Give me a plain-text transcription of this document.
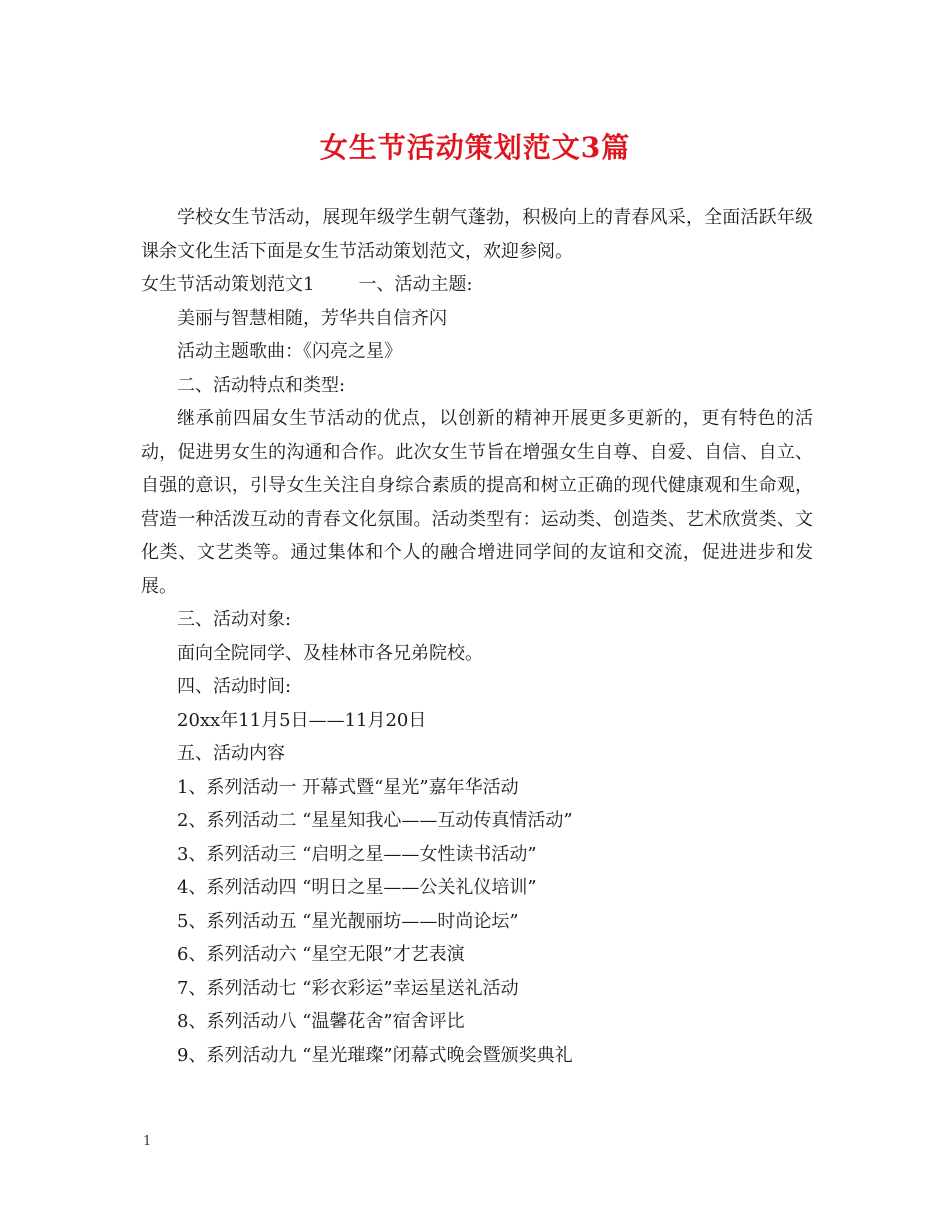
女生节活动策划范文3篇

学校女生节活动，展现年级学生朝气蓬勃，积极向上的青春风采，全面活跃年级课余文化生活下面是女生节活动策划范文，欢迎参阅。

女生节活动策划范文1 一、活动主题:

美丽与智慧相随，芳华共自信齐闪

活动主题歌曲：《闪亮之星》

二、活动特点和类型:

继承前四届女生节活动的优点，以创新的精神开展更多更新的，更有特色的活动，促进男女生的沟通和合作。此次女生节旨在增强女生自尊、自爱、自信、自立、自强的意识，引导女生关注自身综合素质的提高和树立正确的现代健康观和生命观，营造一种活泼互动的青春文化氛围。活动类型有：运动类、创造类、艺术欣赏类、文化类、文艺类等。通过集体和个人的融合增进同学间的友谊和交流，促进进步和发展。

三、活动对象:

面向全院同学、及桂林市各兄弟院校。

四、活动时间:

20xx年11月5日——11月20日

五、活动内容

1、系列活动一 开幕式暨“星光”嘉年华活动

2、系列活动二 “星星知我心——互动传真情活动”

3、系列活动三 “启明之星——女性读书活动”

4、系列活动四 “明日之星——公关礼仪培训”

5、系列活动五 “星光靓丽坊——时尚论坛”

6、系列活动六 “星空无限”才艺表演

7、系列活动七 “彩衣彩运”幸运星送礼活动

8、系列活动八 “温馨花舍”宿舍评比

9、系列活动九 “星光璀璨”闭幕式晚会暨颁奖典礼

1
